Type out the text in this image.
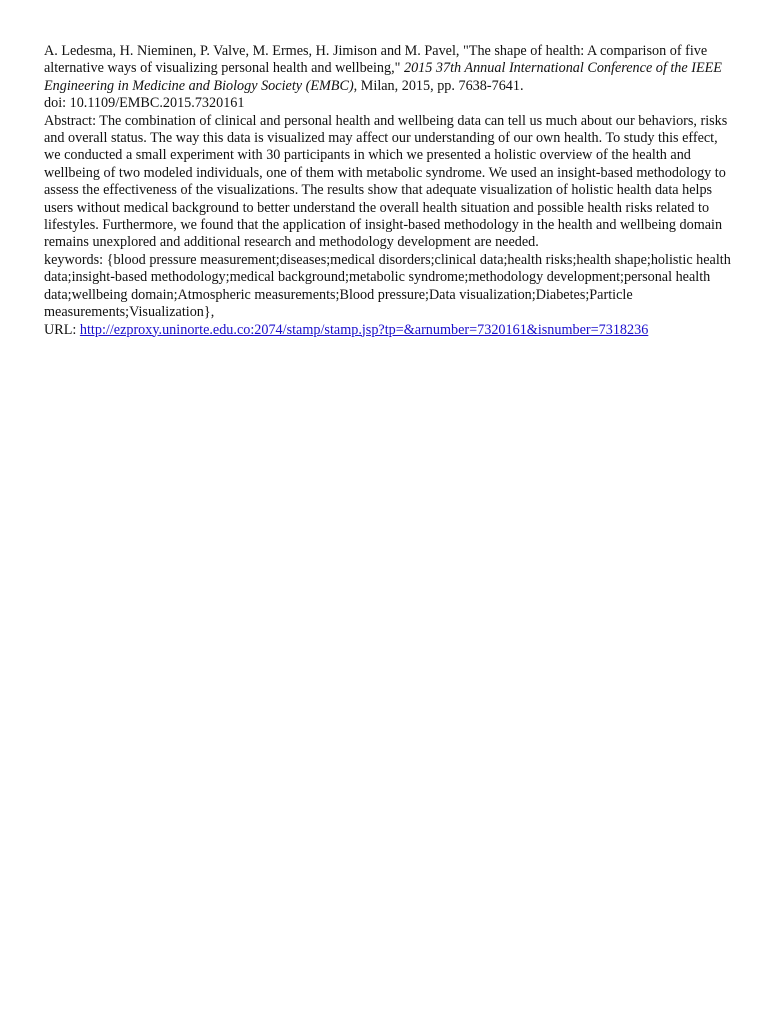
A. Ledesma, H. Nieminen, P. Valve, M. Ermes, H. Jimison and M. Pavel, "The shape of health: A comparison of five alternative ways of visualizing personal health and wellbeing," 2015 37th Annual International Conference of the IEEE Engineering in Medicine and Biology Society (EMBC), Milan, 2015, pp. 7638-7641.

doi: 10.1109/EMBC.2015.7320161

Abstract: The combination of clinical and personal health and wellbeing data can tell us much about our behaviors, risks and overall status. The way this data is visualized may affect our understanding of our own health. To study this effect, we conducted a small experiment with 30 participants in which we presented a holistic overview of the health and wellbeing of two modeled individuals, one of them with metabolic syndrome. We used an insight-based methodology to assess the effectiveness of the visualizations. The results show that adequate visualization of holistic health data helps users without medical background to better understand the overall health situation and possible health risks related to lifestyles. Furthermore, we found that the application of insight-based methodology in the health and wellbeing domain remains unexplored and additional research and methodology development are needed.

keywords: {blood pressure measurement;diseases;medical disorders;clinical data;health risks;health shape;holistic health data;insight-based methodology;medical background;metabolic syndrome;methodology development;personal health data;wellbeing domain;Atmospheric measurements;Blood pressure;Data visualization;Diabetes;Particle measurements;Visualization},

URL: http://ezproxy.uninorte.edu.co:2074/stamp/stamp.jsp?tp=&arnumber=7320161&isnumber=7318236
